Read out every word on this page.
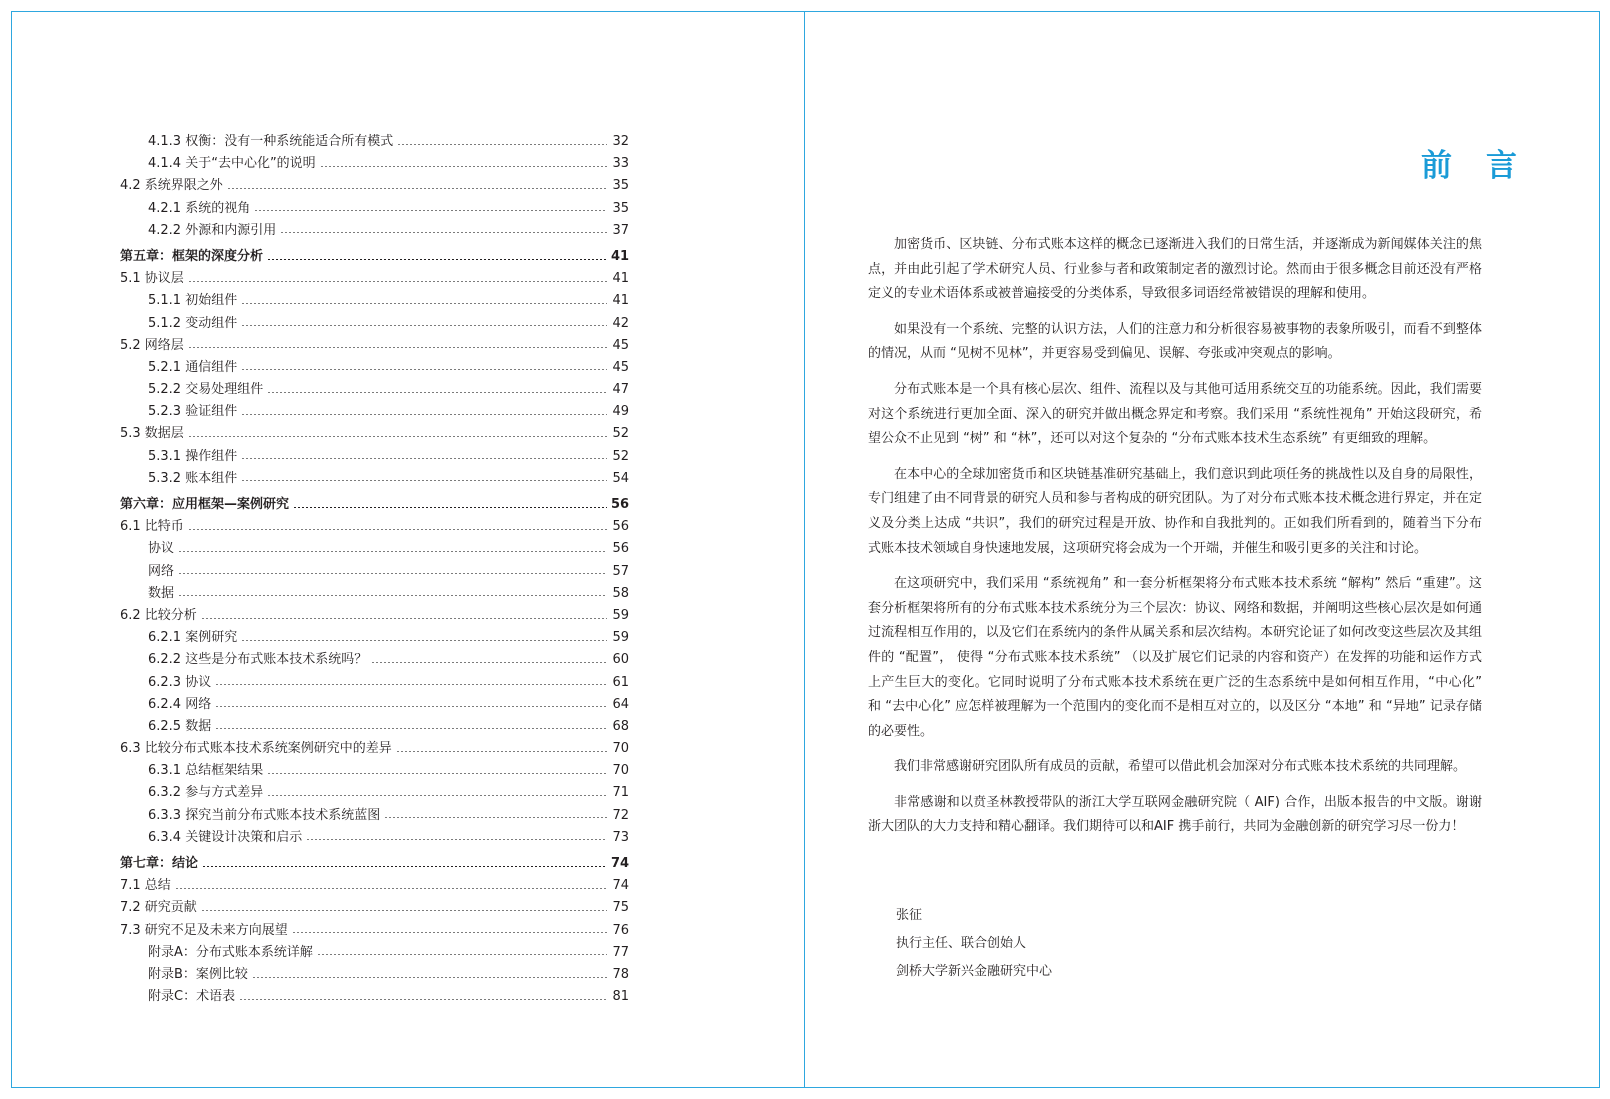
4.1.3 权衡：没有一种系统能适合所有模式	32
4.1.4 关于“去中心化”的说明	33
4.2 系统界限之外	35
4.2.1 系统的视角	35
4.2.2 外源和内源引用	37
第五章：框架的深度分析	41
5.1 协议层	41
5.1.1 初始组件	41
5.1.2 变动组件	42
5.2 网络层	45
5.2.1 通信组件	45
5.2.2 交易处理组件	47
5.2.3 验证组件	49
5.3 数据层	52
5.3.1 操作组件	52
5.3.2 账本组件	54
第六章：应用框架—案例研究	56
6.1 比特币	56
协议	56
网络	57
数据	58
6.2 比较分析	59
6.2.1 案例研究	59
6.2.2 这些是分布式账本技术系统吗？	60
6.2.3 协议	61
6.2.4 网络	64
6.2.5 数据	68
6.3 比较分布式账本技术系统案例研究中的差异	70
6.3.1 总结框架结果	70
6.3.2 参与方式差异	71
6.3.3 探究当前分布式账本技术系统蓝图	72
6.3.4 关键设计决策和启示	73
第七章：结论	74
7.1 总结	74
7.2 研究贡献	75
7.3 研究不足及未来方向展望	76
附录A：分布式账本系统详解	77
附录B：案例比较	78
附录C：术语表	81
前言

加密货币、区块链、分布式账本这样的概念已逐渐进入我们的日常生活，并逐渐成为新闻媒体关注的焦点，并由此引起了学术研究人员、行业参与者和政策制定者的激烈讨论。然而由于很多概念目前还没有严格定义的专业术语体系或被普遍接受的分类体系，导致很多词语经常被错误的理解和使用。

如果没有一个系统、完整的认识方法，人们的注意力和分析很容易被事物的表象所吸引，而看不到整体的情况，从而 “见树不见林”，并更容易受到偏见、误解、夸张或冲突观点的影响。

分布式账本是一个具有核心层次、组件、流程以及与其他可适用系统交互的功能系统。因此，我们需要对这个系统进行更加全面、深入的研究并做出概念界定和考察。我们采用 “系统性视角” 开始这段研究，希望公众不止见到 “树” 和 “林”，还可以对这个复杂的 “分布式账本技术生态系统” 有更细致的理解。

在本中心的全球加密货币和区块链基准研究基础上，我们意识到此项任务的挑战性以及自身的局限性，专门组建了由不同背景的研究人员和参与者构成的研究团队。为了对分布式账本技术概念进行界定，并在定义及分类上达成 “共识”，我们的研究过程是开放、协作和自我批判的。正如我们所看到的，随着当下分布式账本技术领域自身快速地发展，这项研究将会成为一个开端，并催生和吸引更多的关注和讨论。

在这项研究中，我们采用 “系统视角” 和一套分析框架将分布式账本技术系统 “解构” 然后 “重建”。这套分析框架将所有的分布式账本技术系统分为三个层次：协议、网络和数据，并阐明这些核心层次是如何通过流程相互作用的，以及它们在系统内的条件从属关系和层次结构。本研究论证了如何改变这些层次及其组件的 “配置”， 使得 “分布式账本技术系统” （以及扩展它们记录的内容和资产）在发挥的功能和运作方式上产生巨大的变化。它同时说明了分布式账本技术系统在更广泛的生态系统中是如何相互作用，“中心化” 和 “去中心化” 应怎样被理解为一个范围内的变化而不是相互对立的，以及区分 “本地” 和 “异地” 记录存储的必要性。

我们非常感谢研究团队所有成员的贡献，希望可以借此机会加深对分布式账本技术系统的共同理解。

非常感谢和以贲圣林教授带队的浙江大学互联网金融研究院（ AIF) 合作，出版本报告的中文版。谢谢浙大团队的大力支持和精心翻译。我们期待可以和AIF 携手前行，共同为金融创新的研究学习尽一份力！

张征
执行主任、联合创始人
剑桥大学新兴金融研究中心
